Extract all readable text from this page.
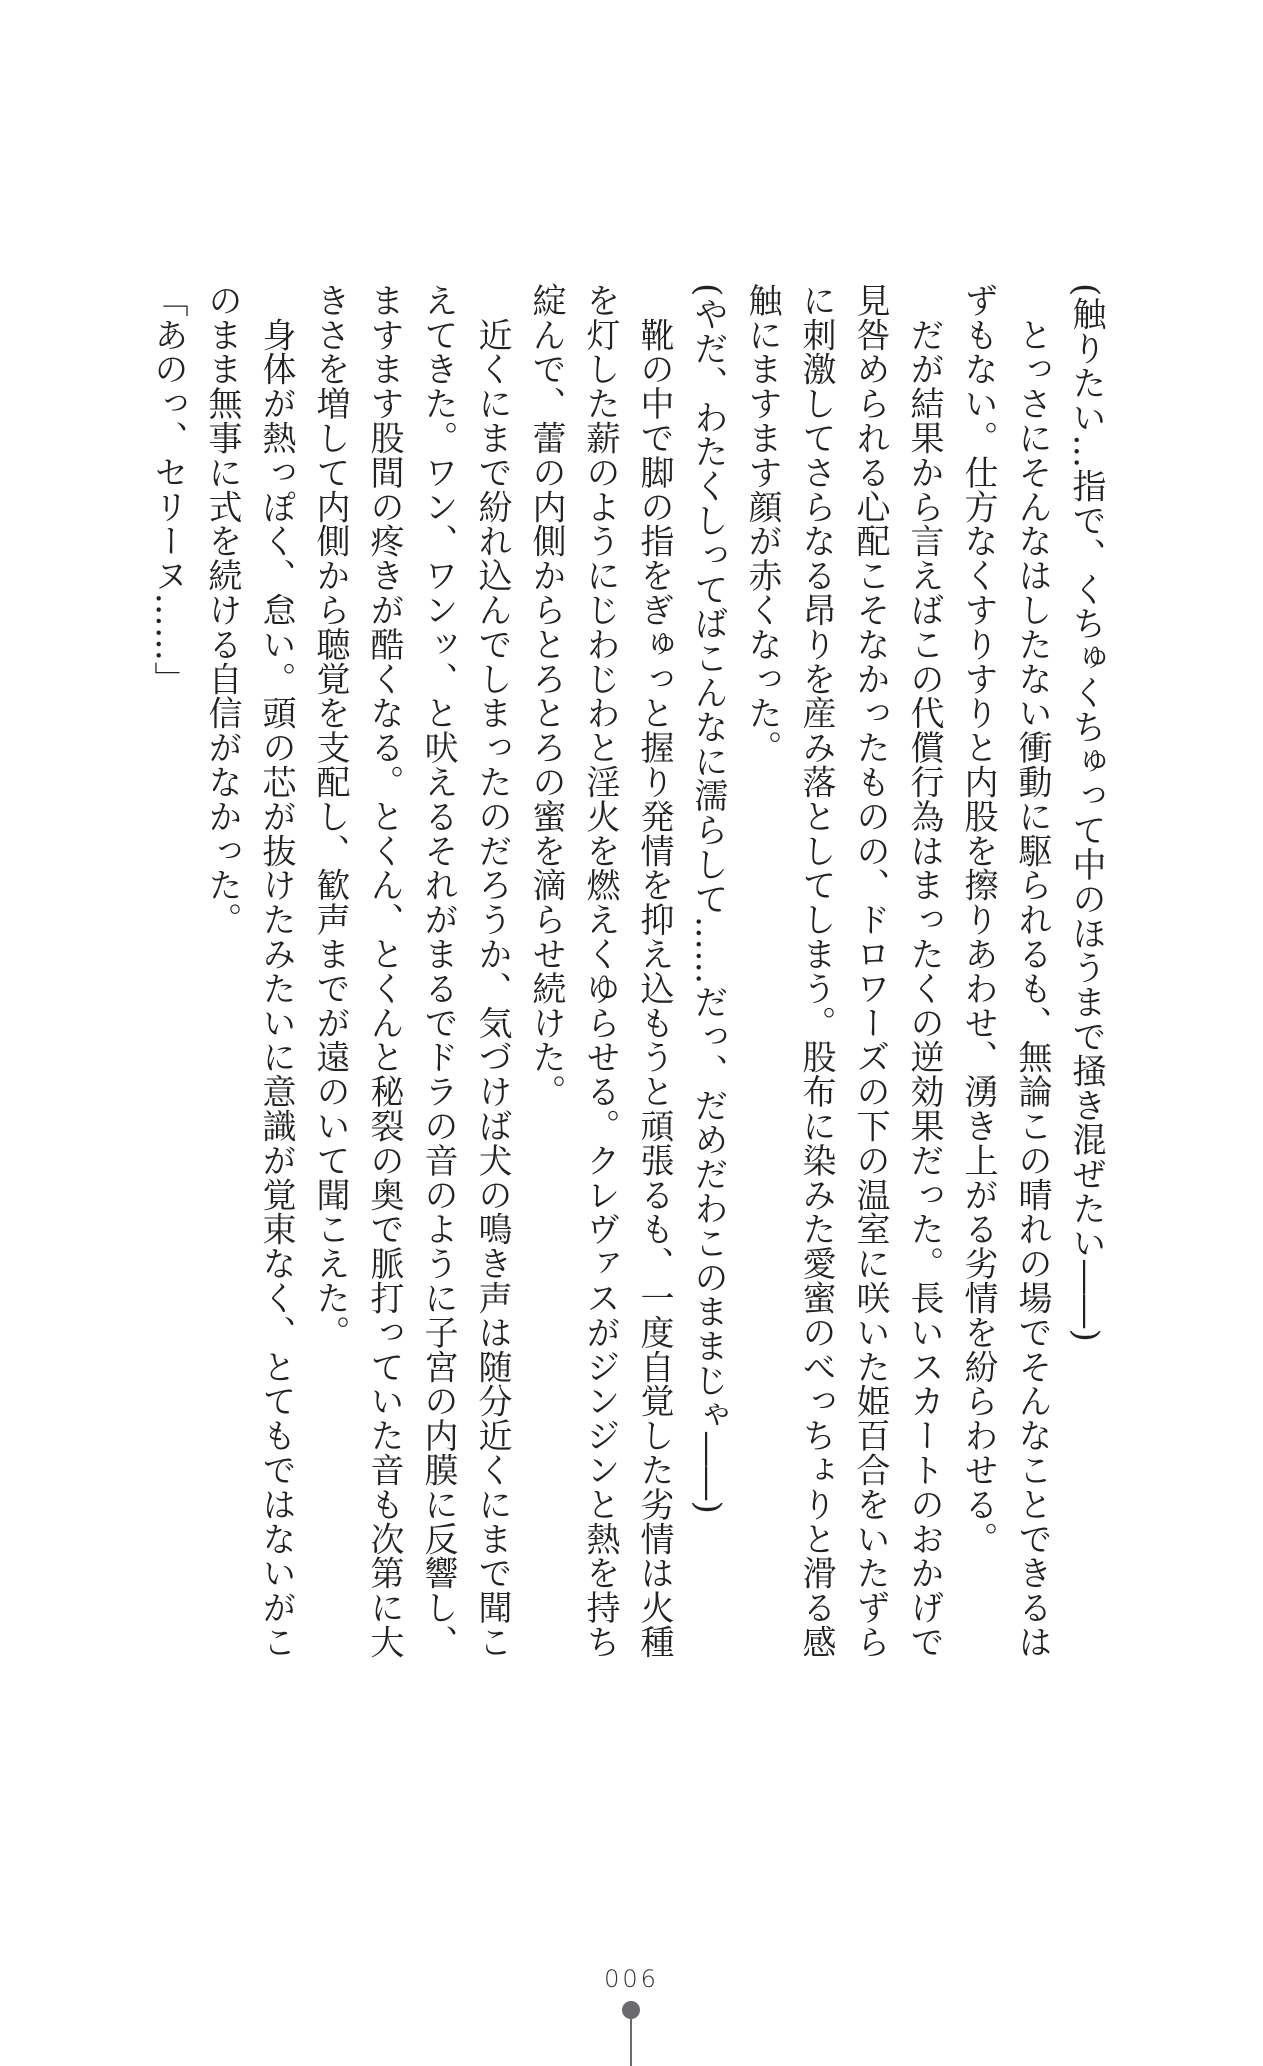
(触りたい…指で、くちゅくちゅって中のほうまで掻き混ぜたい――)
　とっさにそんなはしたない衝動に駆られるも、無論この晴れの場でそんなことできるは
ずもない。仕方なくすりすりと内股を擦りあわせ、湧き上がる劣情を紛らわせる。
　だが結果から言えばこの代償行為はまったくの逆効果だった。長いスカートのおかげで
見咎められる心配こそなかったものの、ドロワーズの下の温室に咲いた姫百合をいたずら
に刺激してさらなる昂りを産み落としてしまう。股布に染みた愛蜜のべっちょりと滑る感
触にますます顔が赤くなった。
(やだ、わたくしってばこんなに濡らして……だっ、だめだわこのままじゃ――)
　靴の中で脚の指をぎゅっと握り発情を抑え込もうと頑張るも、一度自覚した劣情は火種
を灯した薪のようにじわじわと淫火を燃えくゆらせる。クレヴァスがジンジンと熱を持ち
綻んで、蕾の内側からとろとろの蜜を滴らせ続けた。
　近くにまで紛れ込んでしまったのだろうか、気づけば犬の鳴き声は随分近くにまで聞こ
えてきた。ワン、ワンッ、と吠えるそれがまるでドラの音のように子宮の内膜に反響し、
ますます股間の疼きが酷くなる。とくん、とくんと秘裂の奥で脈打っていた音も次第に大
きさを増して内側から聴覚を支配し、歓声までが遠のいて聞こえた。
　身体が熱っぽく、怠い。頭の芯が抜けたみたいに意識が覚束なく、とてもではないがこ
のまま無事に式を続ける自信がなかった。
「あのっ、セリーヌ……」
006
